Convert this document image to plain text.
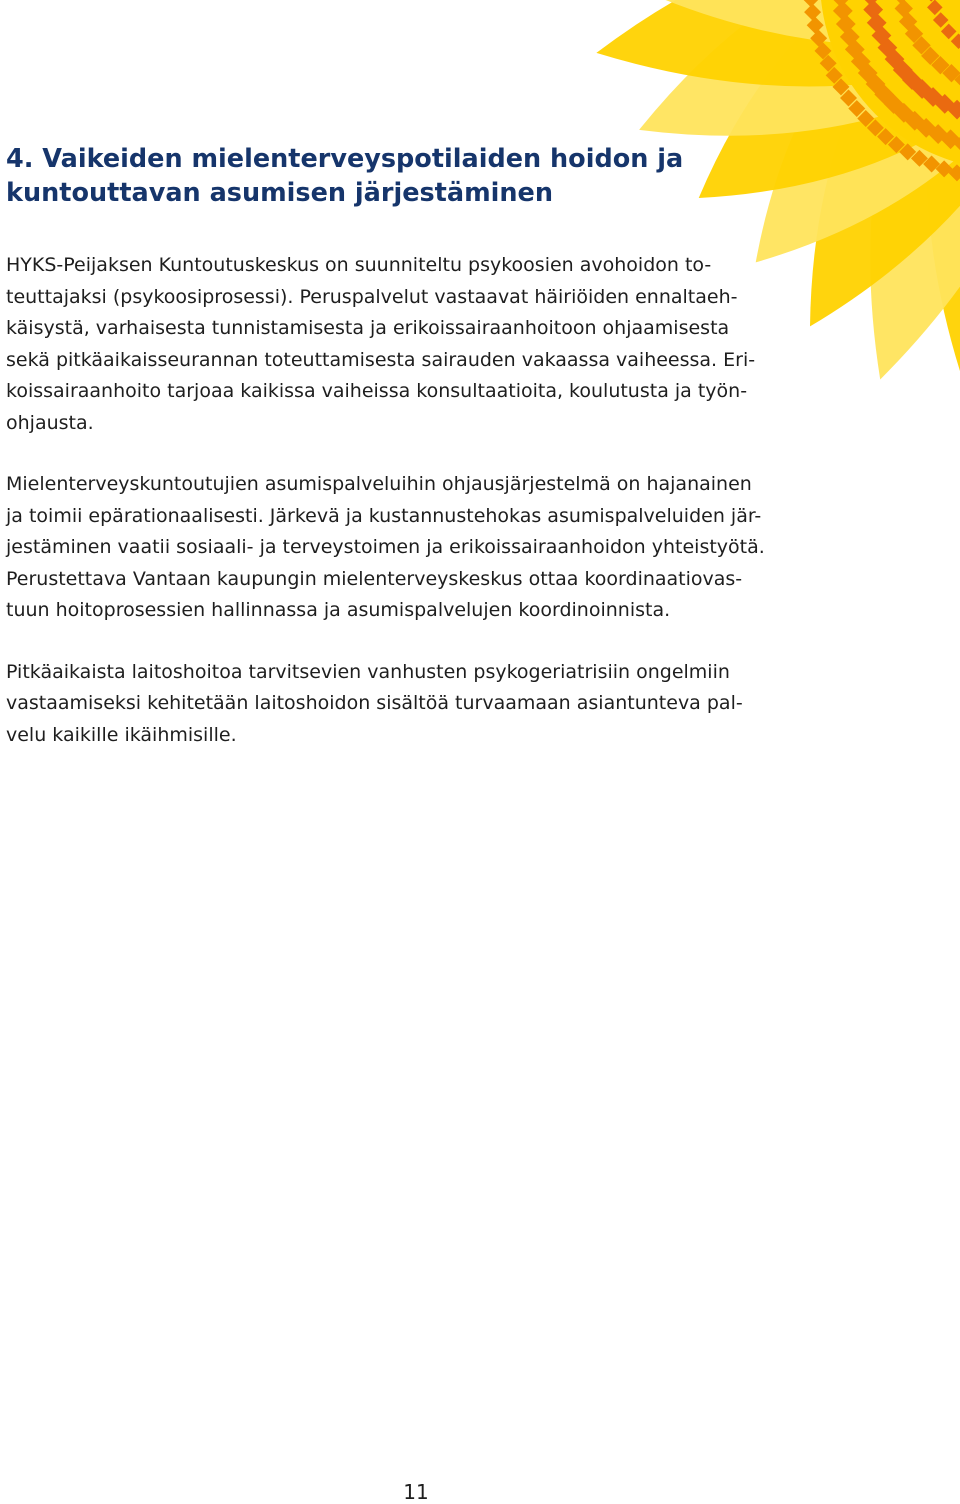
4. Vaikeiden mielenterveyspotilaiden hoidon ja
kuntouttavan asumisen järjestäminen

HYKS-Peijaksen Kuntoutuskeskus on suunniteltu psykoosien avohoidon to-
teuttajaksi (psykoosiprosessi). Peruspalvelut vastaavat häiriöiden ennaltaeh-
käisystä, varhaisesta tunnistamisesta ja erikoissairaanhoitoon ohjaamisesta
sekä pitkäaikaisseurannan toteuttamisesta sairauden vakaassa vaiheessa. Eri-
koissairaanhoito tarjoaa kaikissa vaiheissa konsultaatioita, koulutusta ja työn-
ohjausta.

Mielenterveyskuntoutujien asumispalveluihin ohjausjärjestelmä on hajanainen
ja toimii epärationaalisesti. Järkevä ja kustannustehokas asumispalveluiden jär-
jestäminen vaatii sosiaali- ja terveystoimen ja erikoissairaanhoidon yhteistyötä.
Perustettava Vantaan kaupungin mielenterveyskeskus ottaa koordinaatiovas-
tuun hoitoprosessien hallinnassa ja asumispalvelujen koordinoinnista.

Pitkäaikaista laitoshoitoa tarvitsevien vanhusten psykogeriatrisiin ongelmiin
vastaamiseksi kehitetään laitoshoidon sisältöä turvaamaan asiantunteva pal-
velu kaikille ikäihmisille.

11
